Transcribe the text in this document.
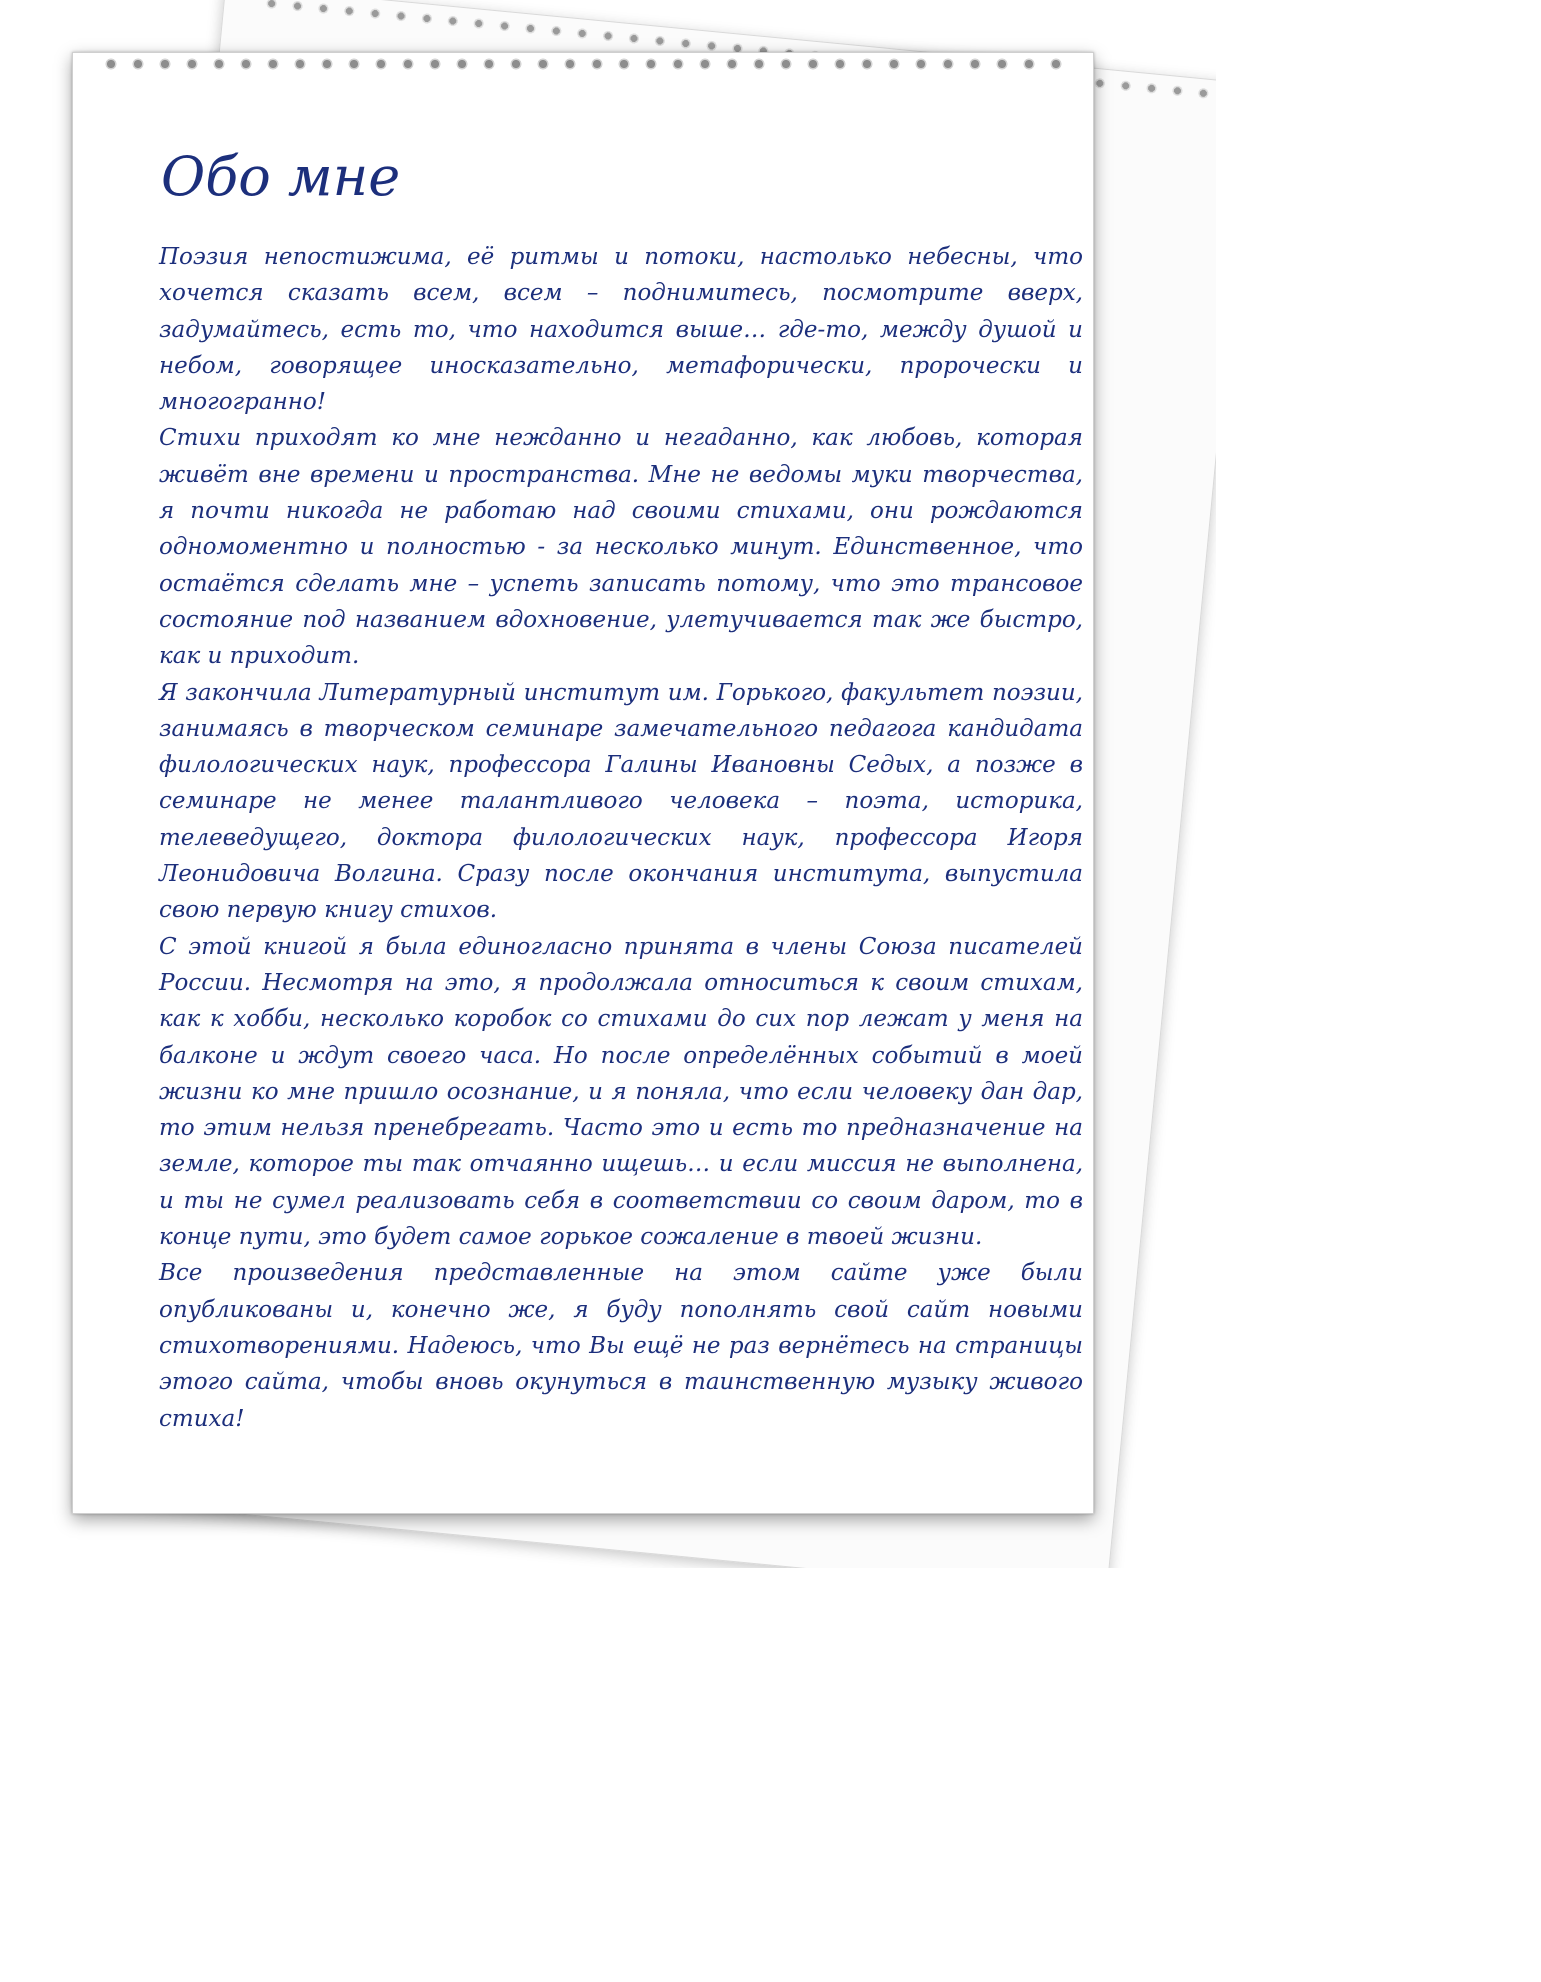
Обо мне

Поэзия непостижима, её ритмы и потоки, настолько небесны, что хочется сказать всем, всем – поднимитесь, посмотрите вверх, задумайтесь, есть то, что находится выше… где-то, между душой и небом, говорящее иносказательно, метафорически, пророчески и многогранно!

Стихи приходят ко мне нежданно и негаданно, как любовь, которая живёт вне времени и пространства. Мне не ведомы муки творчества, я почти никогда не работаю над своими стихами, они рождаются одномоментно и полностью - за несколько минут. Единственное, что остаётся сделать мне – успеть записать потому, что это трансовое состояние под названием вдохновение, улетучивается так же быстро, как и приходит.

Я закончила Литературный институт им. Горького, факультет поэзии, занимаясь в творческом семинаре замечательного педагога кандидата филологических наук, профессора Галины Ивановны Седых, а позже в семинаре не менее талантливого человека – поэта, историка, телеведущего, доктора филологических наук, профессора Игоря Леонидовича Волгина. Сразу после окончания института, выпустила свою первую книгу стихов.

С этой книгой я была единогласно принята в члены Союза писателей России. Несмотря на это, я продолжала относиться к своим стихам, как к хобби, несколько коробок со стихами до сих пор лежат у меня на балконе и ждут своего часа. Но после определённых событий в моей жизни ко мне пришло осознание, и я поняла, что если человеку дан дар, то этим нельзя пренебрегать. Часто это и есть то предназначение на земле, которое ты так отчаянно ищешь… и если миссия не выполнена, и ты не сумел реализовать себя в соответствии со своим даром, то в конце пути, это будет самое горькое сожаление в твоей жизни.

Все произведения представленные на этом сайте уже были опубликованы и, конечно же, я буду пополнять свой сайт новыми стихотворениями. Надеюсь, что Вы ещё не раз вернётесь на страницы этого сайта, чтобы вновь окунуться в таинственную музыку живого стиха!
